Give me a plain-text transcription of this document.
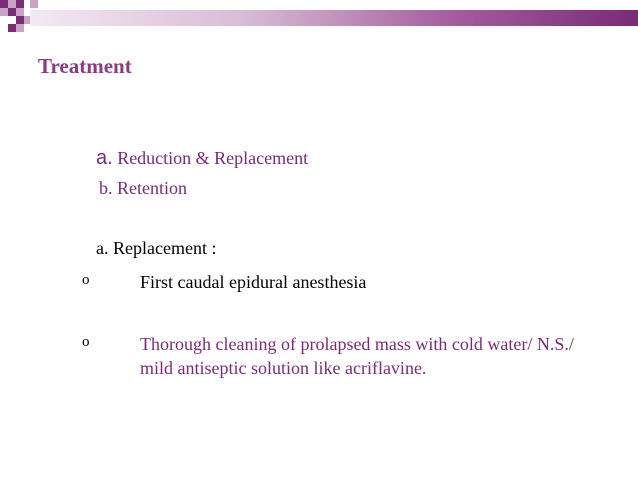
Treatment
a. Reduction & Replacement
b. Retention
a. Replacement :
o	First caudal epidural anesthesia
o	Thorough cleaning of prolapsed mass with cold water/ N.S./ mild antiseptic solution like acriflavine.
